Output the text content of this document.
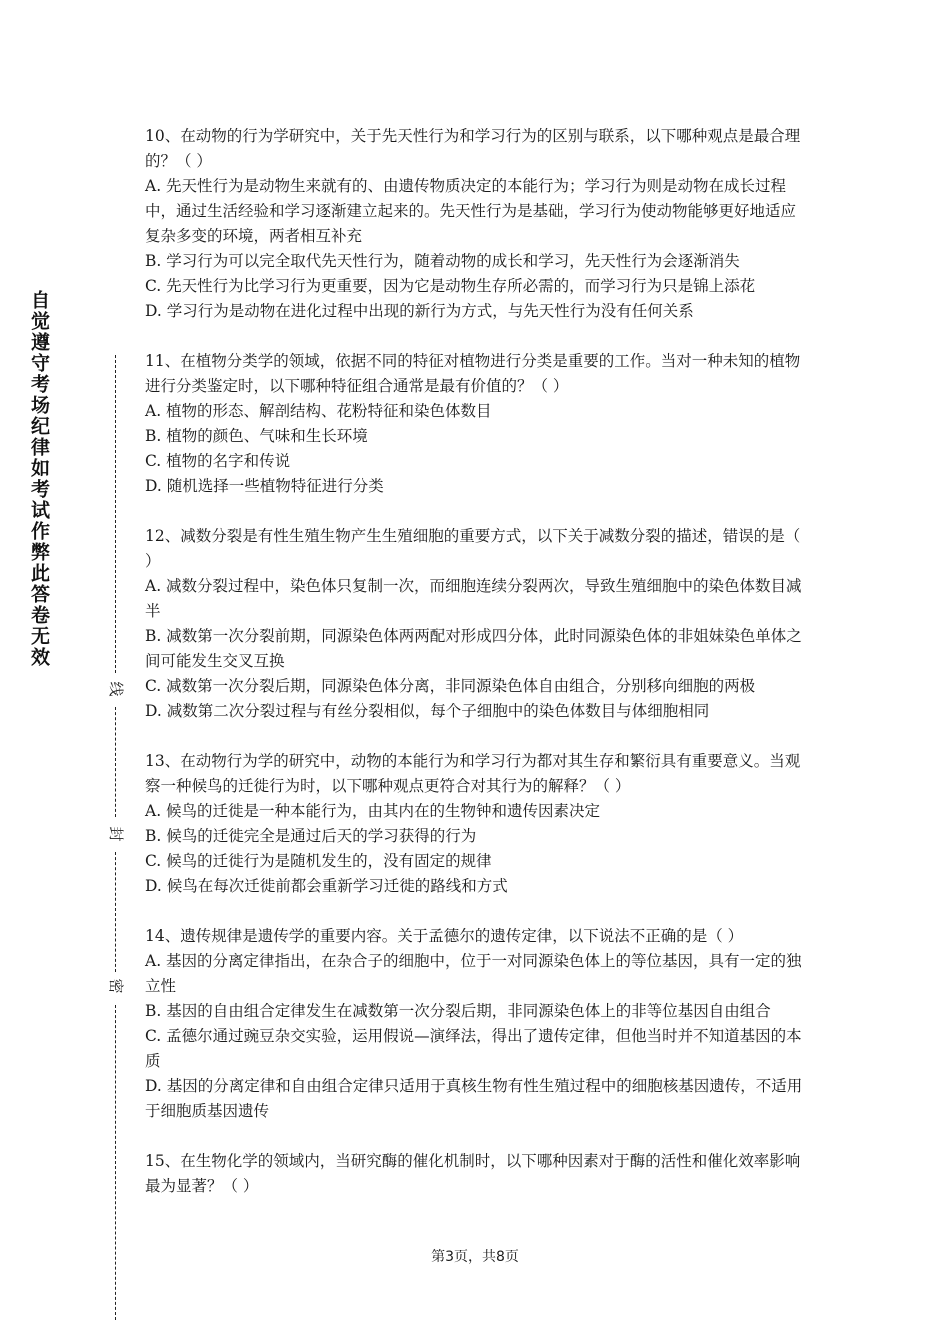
自觉遵守考场纪律如考试作弊此答卷无效
线
封
密

10、在动物的行为学研究中，关于先天性行为和学习行为的区别与联系，以下哪种观点是最合理的？（ ）

A. 先天性行为是动物生来就有的、由遗传物质决定的本能行为；学习行为则是动物在成长过程中，通过生活经验和学习逐渐建立起来的。先天性行为是基础，学习行为使动物能够更好地适应复杂多变的环境，两者相互补充

B. 学习行为可以完全取代先天性行为，随着动物的成长和学习，先天性行为会逐渐消失

C. 先天性行为比学习行为更重要，因为它是动物生存所必需的，而学习行为只是锦上添花

D. 学习行为是动物在进化过程中出现的新行为方式，与先天性行为没有任何关系

11、在植物分类学的领域，依据不同的特征对植物进行分类是重要的工作。当对一种未知的植物进行分类鉴定时，以下哪种特征组合通常是最有价值的？（ ）

A. 植物的形态、解剖结构、花粉特征和染色体数目

B. 植物的颜色、气味和生长环境

C. 植物的名字和传说

D. 随机选择一些植物特征进行分类

12、减数分裂是有性生殖生物产生生殖细胞的重要方式，以下关于减数分裂的描述，错误的是（ ）

A. 减数分裂过程中，染色体只复制一次，而细胞连续分裂两次，导致生殖细胞中的染色体数目减半

B. 减数第一次分裂前期，同源染色体两两配对形成四分体，此时同源染色体的非姐妹染色单体之间可能发生交叉互换

C. 减数第一次分裂后期，同源染色体分离，非同源染色体自由组合，分别移向细胞的两极

D. 减数第二次分裂过程与有丝分裂相似，每个子细胞中的染色体数目与体细胞相同

13、在动物行为学的研究中，动物的本能行为和学习行为都对其生存和繁衍具有重要意义。当观察一种候鸟的迁徙行为时，以下哪种观点更符合对其行为的解释？（ ）

A. 候鸟的迁徙是一种本能行为，由其内在的生物钟和遗传因素决定

B. 候鸟的迁徙完全是通过后天的学习获得的行为

C. 候鸟的迁徙行为是随机发生的，没有固定的规律

D. 候鸟在每次迁徙前都会重新学习迁徙的路线和方式

14、遗传规律是遗传学的重要内容。关于孟德尔的遗传定律，以下说法不正确的是（ ）

A. 基因的分离定律指出，在杂合子的细胞中，位于一对同源染色体上的等位基因，具有一定的独立性

B. 基因的自由组合定律发生在减数第一次分裂后期，非同源染色体上的非等位基因自由组合

C. 孟德尔通过豌豆杂交实验，运用假说—演绎法，得出了遗传定律，但他当时并不知道基因的本质

D. 基因的分离定律和自由组合定律只适用于真核生物有性生殖过程中的细胞核基因遗传，不适用于细胞质基因遗传

15、在生物化学的领域内，当研究酶的催化机制时，以下哪种因素对于酶的活性和催化效率影响最为显著？（ ）

第3页，共8页
